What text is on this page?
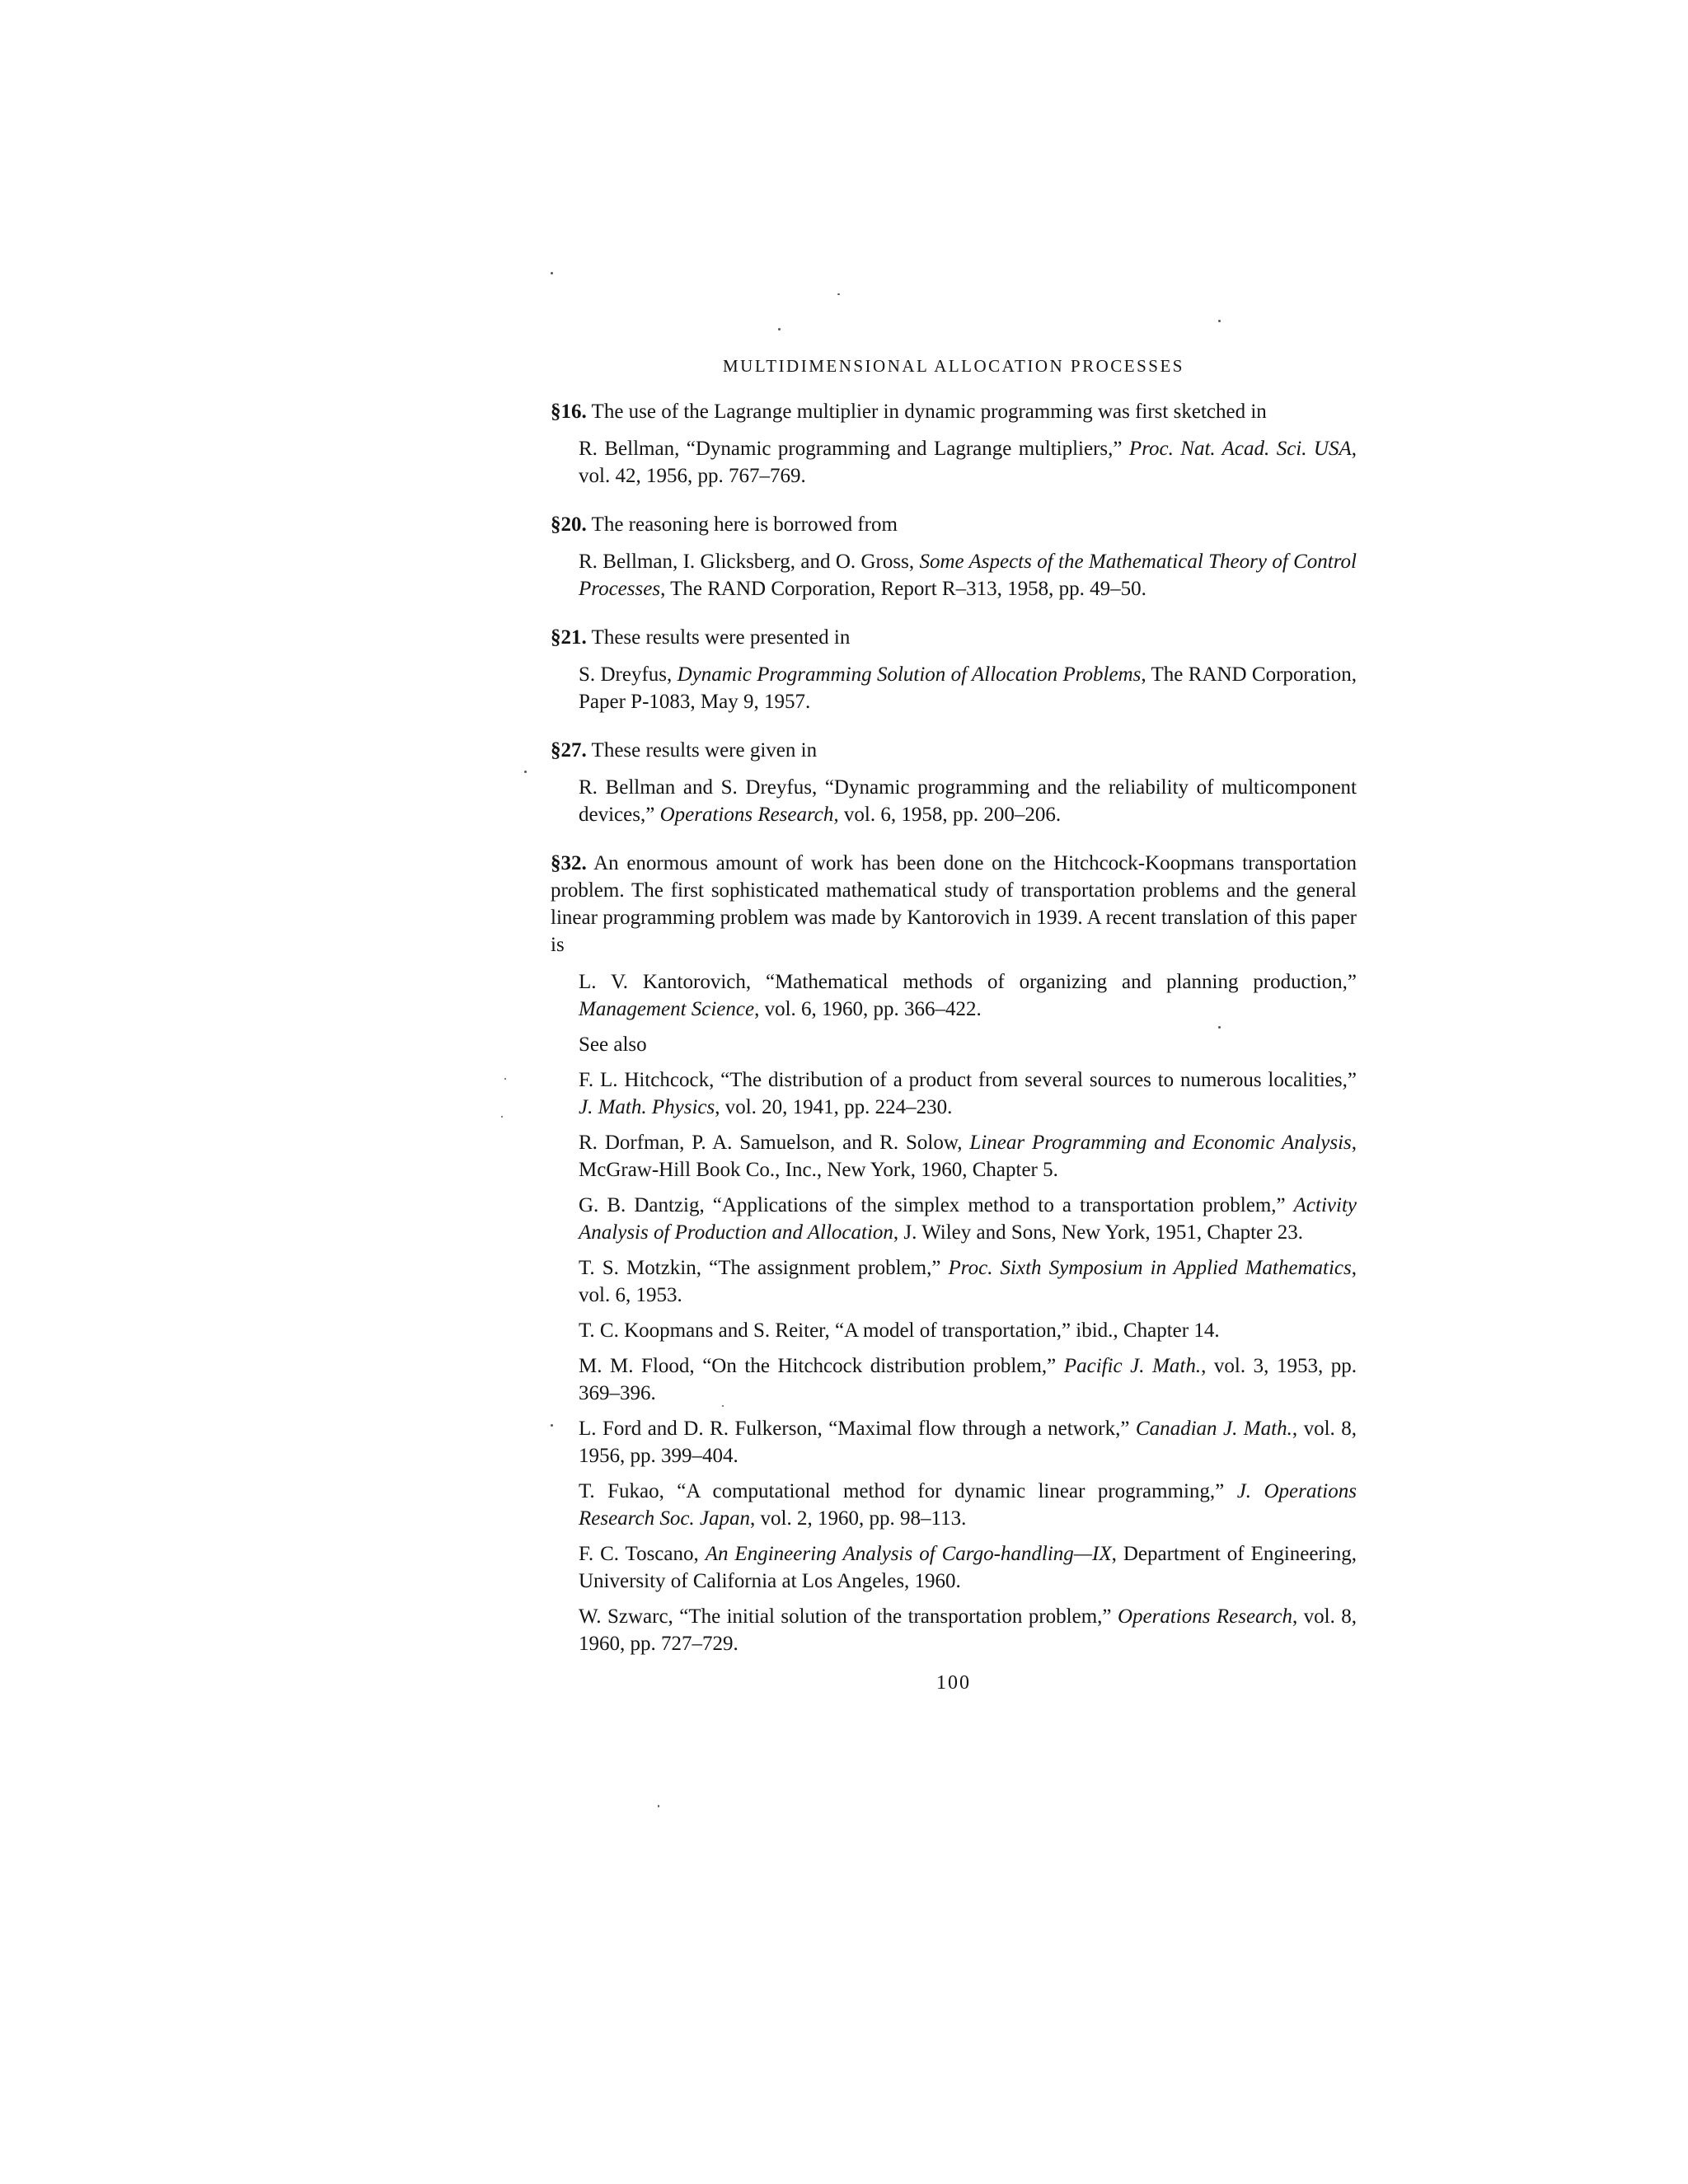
MULTIDIMENSIONAL ALLOCATION PROCESSES

§16. The use of the Lagrange multiplier in dynamic programming was first sketched in

R. Bellman, “Dynamic programming and Lagrange multipliers,” Proc. Nat. Acad. Sci. USA, vol. 42, 1956, pp. 767–769.

§20. The reasoning here is borrowed from

R. Bellman, I. Glicksberg, and O. Gross, Some Aspects of the Mathematical Theory of Control Processes, The RAND Corporation, Report R–313, 1958, pp. 49–50.

§21. These results were presented in

S. Dreyfus, Dynamic Programming Solution of Allocation Problems, The RAND Corporation, Paper P-1083, May 9, 1957.

§27. These results were given in

R. Bellman and S. Dreyfus, “Dynamic programming and the reliability of multicomponent devices,” Operations Research, vol. 6, 1958, pp. 200–206.

§32. An enormous amount of work has been done on the Hitchcock-Koopmans transportation problem. The first sophisticated mathematical study of transportation problems and the general linear programming problem was made by Kantorovich in 1939. A recent translation of this paper is

L. V. Kantorovich, “Mathematical methods of organizing and planning production,” Management Science, vol. 6, 1960, pp. 366–422.

See also

F. L. Hitchcock, “The distribution of a product from several sources to numerous localities,” J. Math. Physics, vol. 20, 1941, pp. 224–230.

R. Dorfman, P. A. Samuelson, and R. Solow, Linear Programming and Economic Analysis, McGraw-Hill Book Co., Inc., New York, 1960, Chapter 5.

G. B. Dantzig, “Applications of the simplex method to a transportation problem,” Activity Analysis of Production and Allocation, J. Wiley and Sons, New York, 1951, Chapter 23.

T. S. Motzkin, “The assignment problem,” Proc. Sixth Symposium in Applied Mathematics, vol. 6, 1953.

T. C. Koopmans and S. Reiter, “A model of transportation,” ibid., Chapter 14.

M. M. Flood, “On the Hitchcock distribution problem,” Pacific J. Math., vol. 3, 1953, pp. 369–396.

L. Ford and D. R. Fulkerson, “Maximal flow through a network,” Canadian J. Math., vol. 8, 1956, pp. 399–404.

T. Fukao, “A computational method for dynamic linear programming,” J. Operations Research Soc. Japan, vol. 2, 1960, pp. 98–113.

F. C. Toscano, An Engineering Analysis of Cargo-handling—IX, Department of Engineering, University of California at Los Angeles, 1960.

W. Szwarc, “The initial solution of the transportation problem,” Operations Research, vol. 8, 1960, pp. 727–729.

100
